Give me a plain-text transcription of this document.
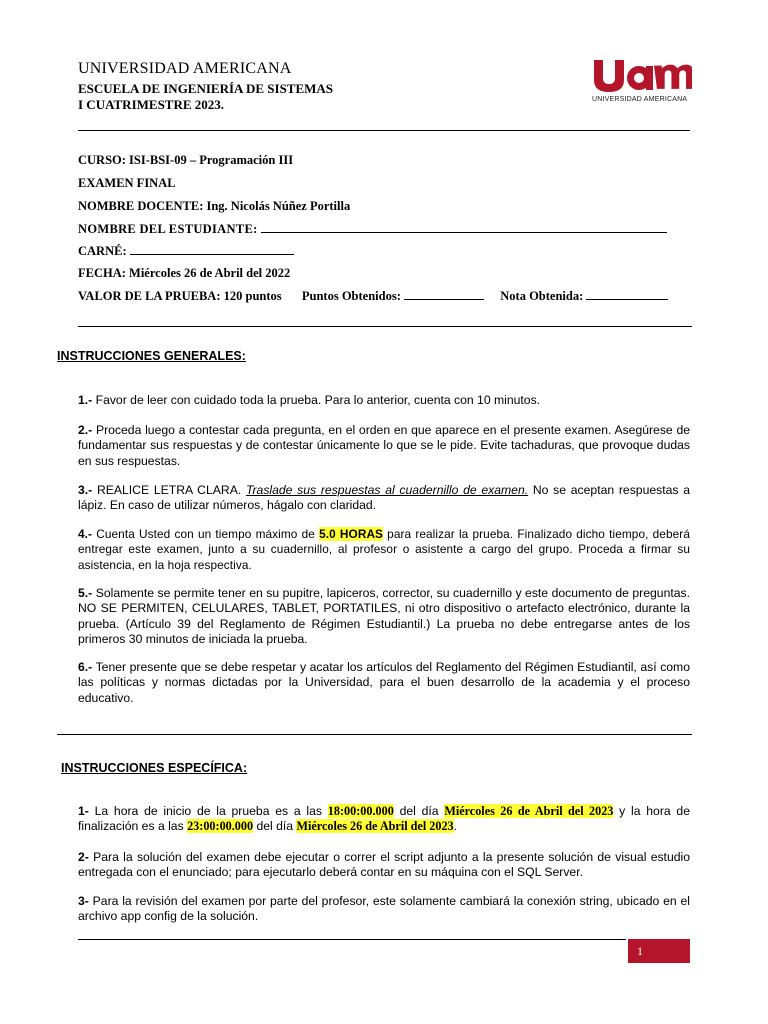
UNIVERSIDAD AMERICANA
ESCUELA DE INGENIERÍA DE SISTEMAS
I CUATRIMESTRE 2023.	UNIVERSIDAD AMERICANA
CURSO: ISI-BSI-09 – Programación III
EXAMEN FINAL
NOMBRE DOCENTE: Ing. Nicolás Núñez Portilla
NOMBRE DEL ESTUDIANTE:
CARNÉ:
FECHA: Miércoles 26 de Abril del 2022
VALOR DE LA PRUEBA: 120 puntos Puntos Obtenidos:	Nota Obtenida:
INSTRUCCIONES GENERALES:
1.- Favor de leer con cuidado toda la prueba. Para lo anterior, cuenta con 10 minutos.
2.- Proceda luego a contestar cada pregunta, en el orden en que aparece en el presente examen. Asegúrese de fundamentar sus respuestas y de contestar únicamente lo que se le pide. Evite tachaduras, que provoque dudas en sus respuestas.
3.- REALICE LETRA CLARA. Traslade sus respuestas al cuadernillo de examen. No se aceptan respuestas a lápiz. En caso de utilizar números, hágalo con claridad.
4.- Cuenta Usted con un tiempo máximo de 5.0 HORAS para realizar la prueba. Finalizado dicho tiempo, deberá entregar este examen, junto a su cuadernillo, al profesor o asistente a cargo del grupo. Proceda a firmar su asistencia, en la hoja respectiva.
5.- Solamente se permite tener en su pupitre, lapiceros, corrector, su cuadernillo y este documento de preguntas. NO SE PERMITEN, CELULARES, TABLET, PORTATILES, ni otro dispositivo o artefacto electrónico, durante la prueba. (Artículo 39 del Reglamento de Régimen Estudiantil.) La prueba no debe entregarse antes de los primeros 30 minutos de iniciada la prueba.
6.- Tener presente que se debe respetar y acatar los artículos del Reglamento del Régimen Estudiantil, así como las políticas y normas dictadas por la Universidad, para el buen desarrollo de la academia y el proceso educativo.
INSTRUCCIONES ESPECÍFICA:
1- La hora de inicio de la prueba es a las 18:00:00.000 del día Miércoles 26 de Abril del 2023 y la hora de finalización es a las 23:00:00.000 del día Miércoles 26 de Abril del 2023.
2- Para la solución del examen debe ejecutar o correr el script adjunto a la presente solución de visual estudio entregada con el enunciado; para ejecutarlo deberá contar en su máquina con el SQL Server.
3- Para la revisión del examen por parte del profesor, este solamente cambiará la conexión string, ubicado en el archivo app config de la solución.
1
